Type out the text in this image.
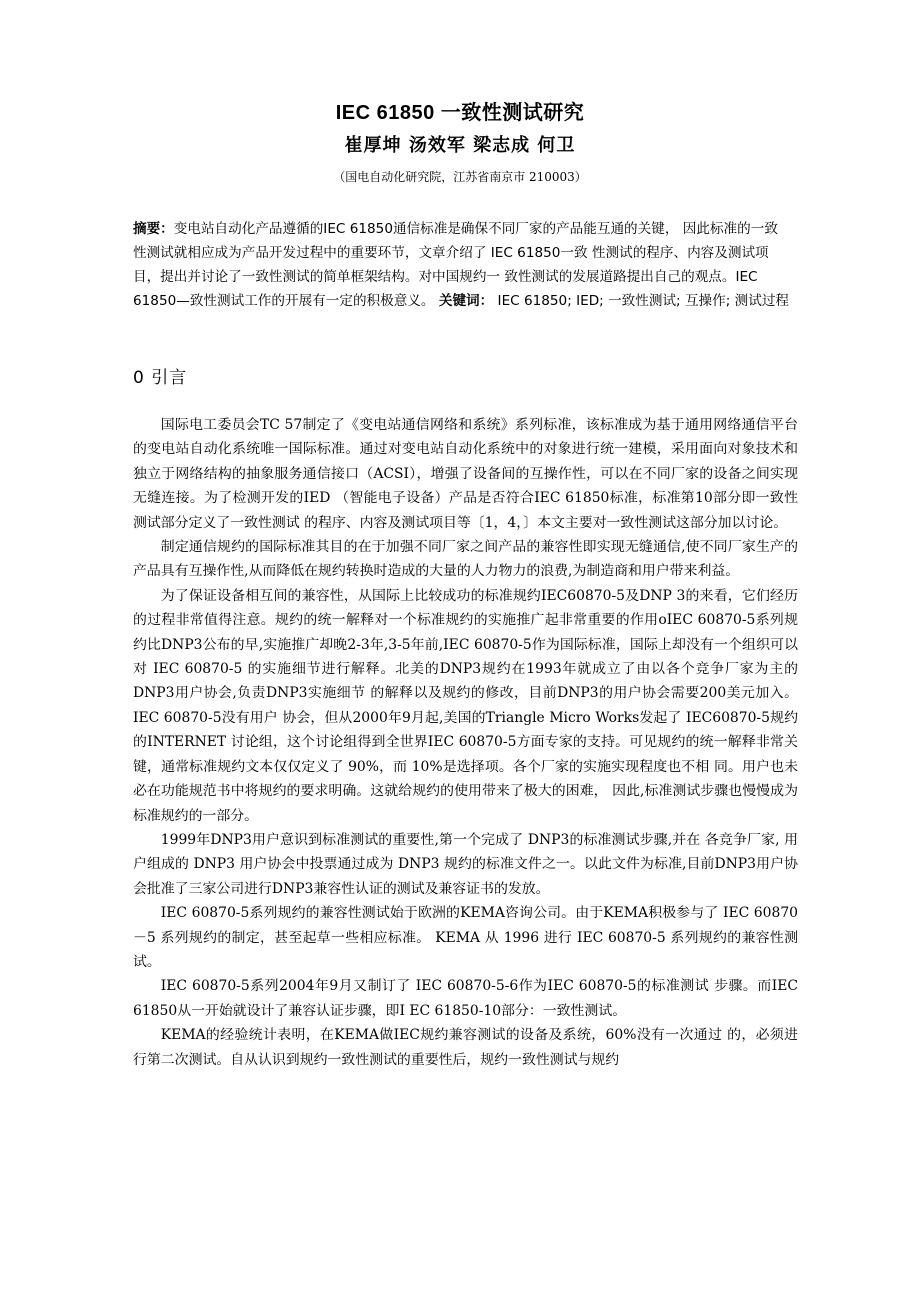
IEC 61850 一致性测试研究
崔厚坤 汤效军 梁志成 何卫
（国电自动化研究院，江苏省南京市 210003）
摘要：变电站自动化产品遵循的IEC 61850通信标准是确保不同厂家的产品能互通的关键， 因此标准的一致性测试就相应成为产品开发过程中的重要环节，文章介绍了 IEC 61850一致 性测试的程序、内容及测试项目，提出并讨论了一致性测试的简单框架结构。对中国规约一 致性测试的发展道路提出自己的观点。IEC 61850—致性测试工作的开展有一定的积极意义。 关键词： IEC 61850; IED; 一致性测试; 互操作; 测试过程
0 引言

国际电工委员会TC 57制定了《变电站通信网络和系统》系列标准，该标准成为基于通用网络通信平台的变电站自动化系统唯一国际标准。通过对变电站自动化系统中的对象进行统一建模，采用面向对象技术和独立于网络结构的抽象服务通信接口（ACSI），增强了设备间的互操作性，可以在不同厂家的设备之间实现无缝连接。为了检测开发的IED （智能电子设备）产品是否符合IEC 61850标准，标准第10部分即一致性测试部分定义了一致性测试 的程序、内容及测试项目等〔1，4，〕本文主要对一致性测试这部分加以讨论。

制定通信规约的国际标准其目的在于加强不同厂家之间产品的兼容性即实现无缝通信,使不同厂家生产的产品具有互操作性,从而降低在规约转换时造成的大量的人力物力的浪费,为制造商和用户带来利益。

为了保证设备相互间的兼容性，从国际上比较成功的标准规约IEC60870-5及DNP 3的来看，它们经历的过程非常值得注意。规约的统一解释对一个标准规约的实施推广起非常重要的作用oIEC 60870-5系列规约比DNP3公布的早,实施推广却晚2-3年,3-5年前,IEC 60870-5作为国际标准，国际上却没有一个组织可以对 IEC 60870-5 的实施细节进行解释。北美的DNP3规约在1993年就成立了由以各个竞争厂家为主的DNP3用户协会,负责DNP3实施细节 的解释以及规约的修改，目前DNP3的用户协会需要200美元加入。IEC 60870-5没有用户 协会，但从2000年9月起,美国的Triangle Micro Works发起了 IEC60870-5规约的INTERNET 讨论组，这个讨论组得到全世界IEC 60870-5方面专家的支持。可见规约的统一解释非常关 键，通常标准规约文本仅仅定义了 90%，而 10%是选择项。各个厂家的实施实现程度也不相 同。用户也未必在功能规范书中将规约的要求明确。这就给规约的使用带来了极大的困难， 因此,标准测试步骤也慢慢成为标准规约的一部分。

1999年DNP3用户意识到标准测试的重要性,第一个完成了 DNP3的标准测试步骤,并在 各竞争厂家, 用户组成的 DNP3 用户协会中投票通过成为 DNP3 规约的标准文件之一。以此文件为标准,目前DNP3用户协会批准了三家公司进行DNP3兼容性认证的测试及兼容证书的发放。

IEC 60870-5系列规约的兼容性测试始于欧洲的KEMA咨询公司。由于KEMA积极参与了 IEC 60870－5 系列规约的制定，甚至起草一些相应标准。 KEMA 从 1996 进行 IEC 60870-5 系列规约的兼容性测试。

IEC 60870-5系列2004年9月又制订了 IEC 60870-5-6作为IEC 60870-5的标准测试 步骤。而IEC 61850从一开始就设计了兼容认证步骤，即I EC 61850-10部分：一致性测试。

KEMA的经验统计表明，在KEMA做IEC规约兼容测试的设备及系统，60%没有一次通过 的，必须进行第二次测试。自从认识到规约一致性测试的重要性后，规约一致性测试与规约
